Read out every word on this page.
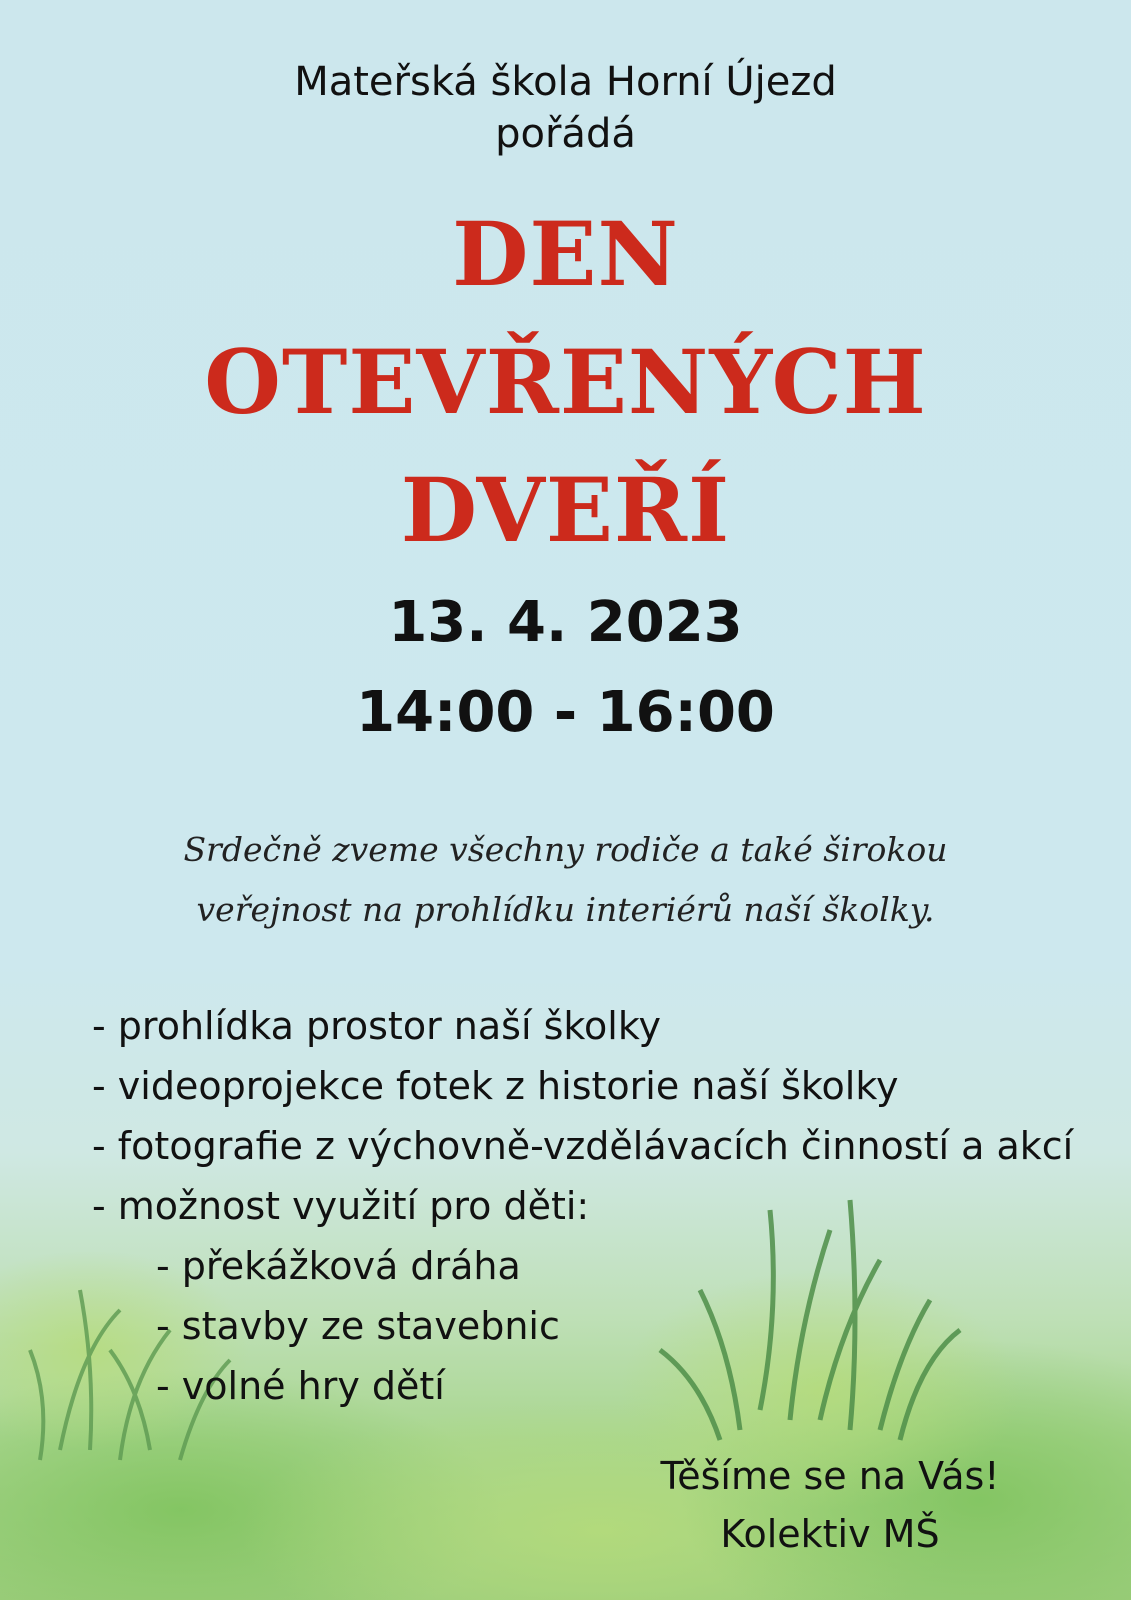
Mateřská škola Horní Újezd
pořádá
DEN
OTEVŘENÝCH
DVEŘÍ
13. 4. 2023
14:00 - 16:00
Srdečně zveme všechny rodiče a také širokou
veřejnost na prohlídku interiérů naší školky.
- prohlídka prostor naší školky
- videoprojekce fotek z historie naší školky
- fotografie z výchovně-vzdělávacích činností a akcí
- možnost využití pro děti:
- překážková dráha
- stavby ze stavebnic
- volné hry dětí
Těšíme se na Vás!
Kolektiv MŠ
